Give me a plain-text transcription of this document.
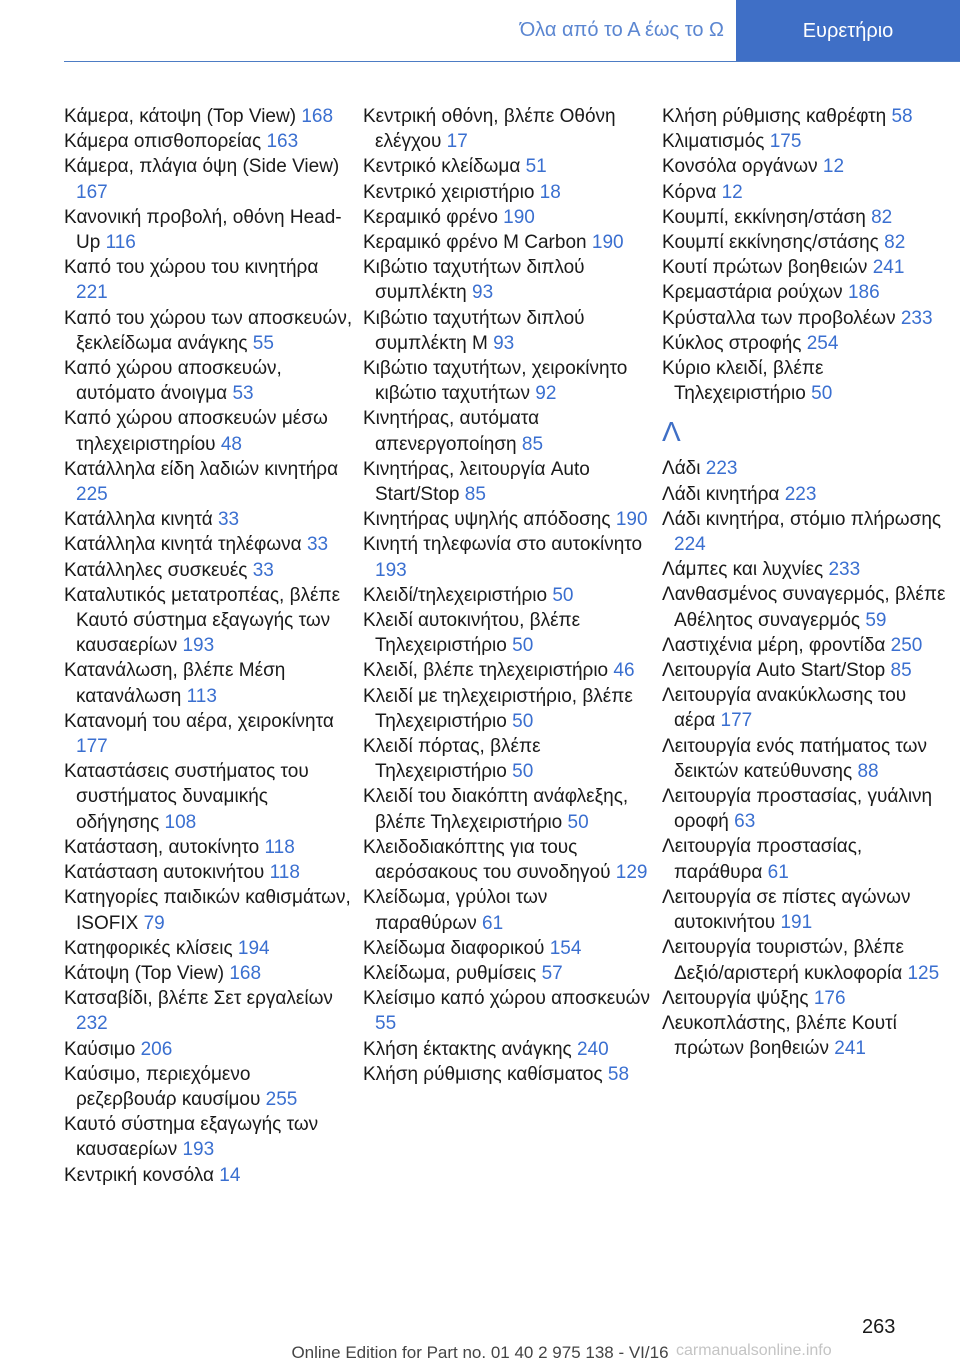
Όλα από το Α έως το Ω	Ευρετήριο
Κάμερα, κάτοψη (Top View) 168
Κάμερα οπισθοπορείας 163
Κάμερα, πλάγια όψη (Side View) 167
Κανονική προβολή, οθόνη Head-Up 116
Καπό του χώρου του κινητήρα 221
Καπό του χώρου των αποσκευών, ξεκλείδωμα ανάγκης 55
Καπό χώρου αποσκευών, αυτόματο άνοιγμα 53
Καπό χώρου αποσκευών μέσω τηλεχειριστηρίου 48
Κατάλληλα είδη λαδιών κινητήρα 225
Κατάλληλα κινητά 33
Κατάλληλα κινητά τηλέφωνα 33
Κατάλληλες συσκευές 33
Καταλυτικός μετατροπέας, βλέπε Καυτό σύστημα εξαγωγής των καυσαερίων 193
Κατανάλωση, βλέπε Μέση κατανάλωση 113
Κατανομή του αέρα, χειροκίνητα 177
Καταστάσεις συστήματος του συστήματος δυναμικής οδήγησης 108
Κατάσταση, αυτοκίνητο 118
Κατάσταση αυτοκινήτου 118
Κατηγορίες παιδικών καθισμάτων, ISOFIX 79
Κατηφορικές κλίσεις 194
Κάτοψη (Top View) 168
Κατσαβίδι, βλέπε Σετ εργαλείων 232
Καύσιμο 206
Καύσιμο, περιεχόμενο ρεζερβουάρ καυσίμου 255
Καυτό σύστημα εξαγωγής των καυσαερίων 193
Κεντρική κονσόλα 14
Κεντρική οθόνη, βλέπε Οθόνη ελέγχου 17
Κεντρικό κλείδωμα 51
Κεντρικό χειριστήριο 18
Κεραμικό φρένο 190
Κεραμικό φρένο M Carbon 190
Κιβώτιο ταχυτήτων διπλού συμπλέκτη 93
Κιβώτιο ταχυτήτων διπλού συμπλέκτη M 93
Κιβώτιο ταχυτήτων, χειροκίνητο κιβώτιο ταχυτήτων 92
Κινητήρας, αυτόματα απενεργοποίηση 85
Κινητήρας, λειτουργία Auto Start/Stop 85
Κινητήρας υψηλής απόδοσης 190
Κινητή τηλεφωνία στο αυτοκίνητο 193
Κλειδί/τηλεχειριστήριο 50
Κλειδί αυτοκινήτου, βλέπε Τηλεχειριστήριο 50
Κλειδί, βλέπε τηλεχειριστήριο 46
Κλειδί με τηλεχειριστήριο, βλέπε Τηλεχειριστήριο 50
Κλειδί πόρτας, βλέπε Τηλεχειριστήριο 50
Κλειδί του διακόπτη ανάφλεξης, βλέπε Τηλεχειριστήριο 50
Κλειδοδιακόπτης για τους αερόσακους του συνοδηγού 129
Κλείδωμα, γρύλοι των παραθύρων 61
Κλείδωμα διαφορικού 154
Κλείδωμα, ρυθμίσεις 57
Κλείσιμο καπό χώρου αποσκευών 55
Κλήση έκτακτης ανάγκης 240
Κλήση ρύθμισης καθίσματος 58
Κλήση ρύθμισης καθρέφτη 58
Κλιματισμός 175
Κονσόλα οργάνων 12
Κόρνα 12
Κουμπί, εκκίνηση/στάση 82
Κουμπί εκκίνησης/στάσης 82
Κουτί πρώτων βοηθειών 241
Κρεμαστάρια ρούχων 186
Κρύσταλλα των προβολέων 233
Κύκλος στροφής 254
Κύριο κλειδί, βλέπε Τηλεχειριστήριο 50
Λ
Λάδι 223
Λάδι κινητήρα 223
Λάδι κινητήρα, στόμιο πλήρωσης 224
Λάμπες και λυχνίες 233
Λανθασμένος συναγερμός, βλέπε Αθέλητος συναγερμός 59
Λαστιχένια μέρη, φροντίδα 250
Λειτουργία Auto Start/Stop 85
Λειτουργία ανακύκλωσης του αέρα 177
Λειτουργία ενός πατήματος των δεικτών κατεύθυνσης 88
Λειτουργία προστασίας, γυάλινη οροφή 63
Λειτουργία προστασίας, παράθυρα 61
Λειτουργία σε πίστες αγώνων αυτοκινήτου 191
Λειτουργία τουριστών, βλέπε Δεξιό/αριστερή κυκλοφορία 125
Λειτουργία ψύξης 176
Λευκοπλάστης, βλέπε Κουτί πρώτων βοηθειών 241
263
Online Edition for Part no. 01 40 2 975 138 - VI/16 carmanualsonline.info
